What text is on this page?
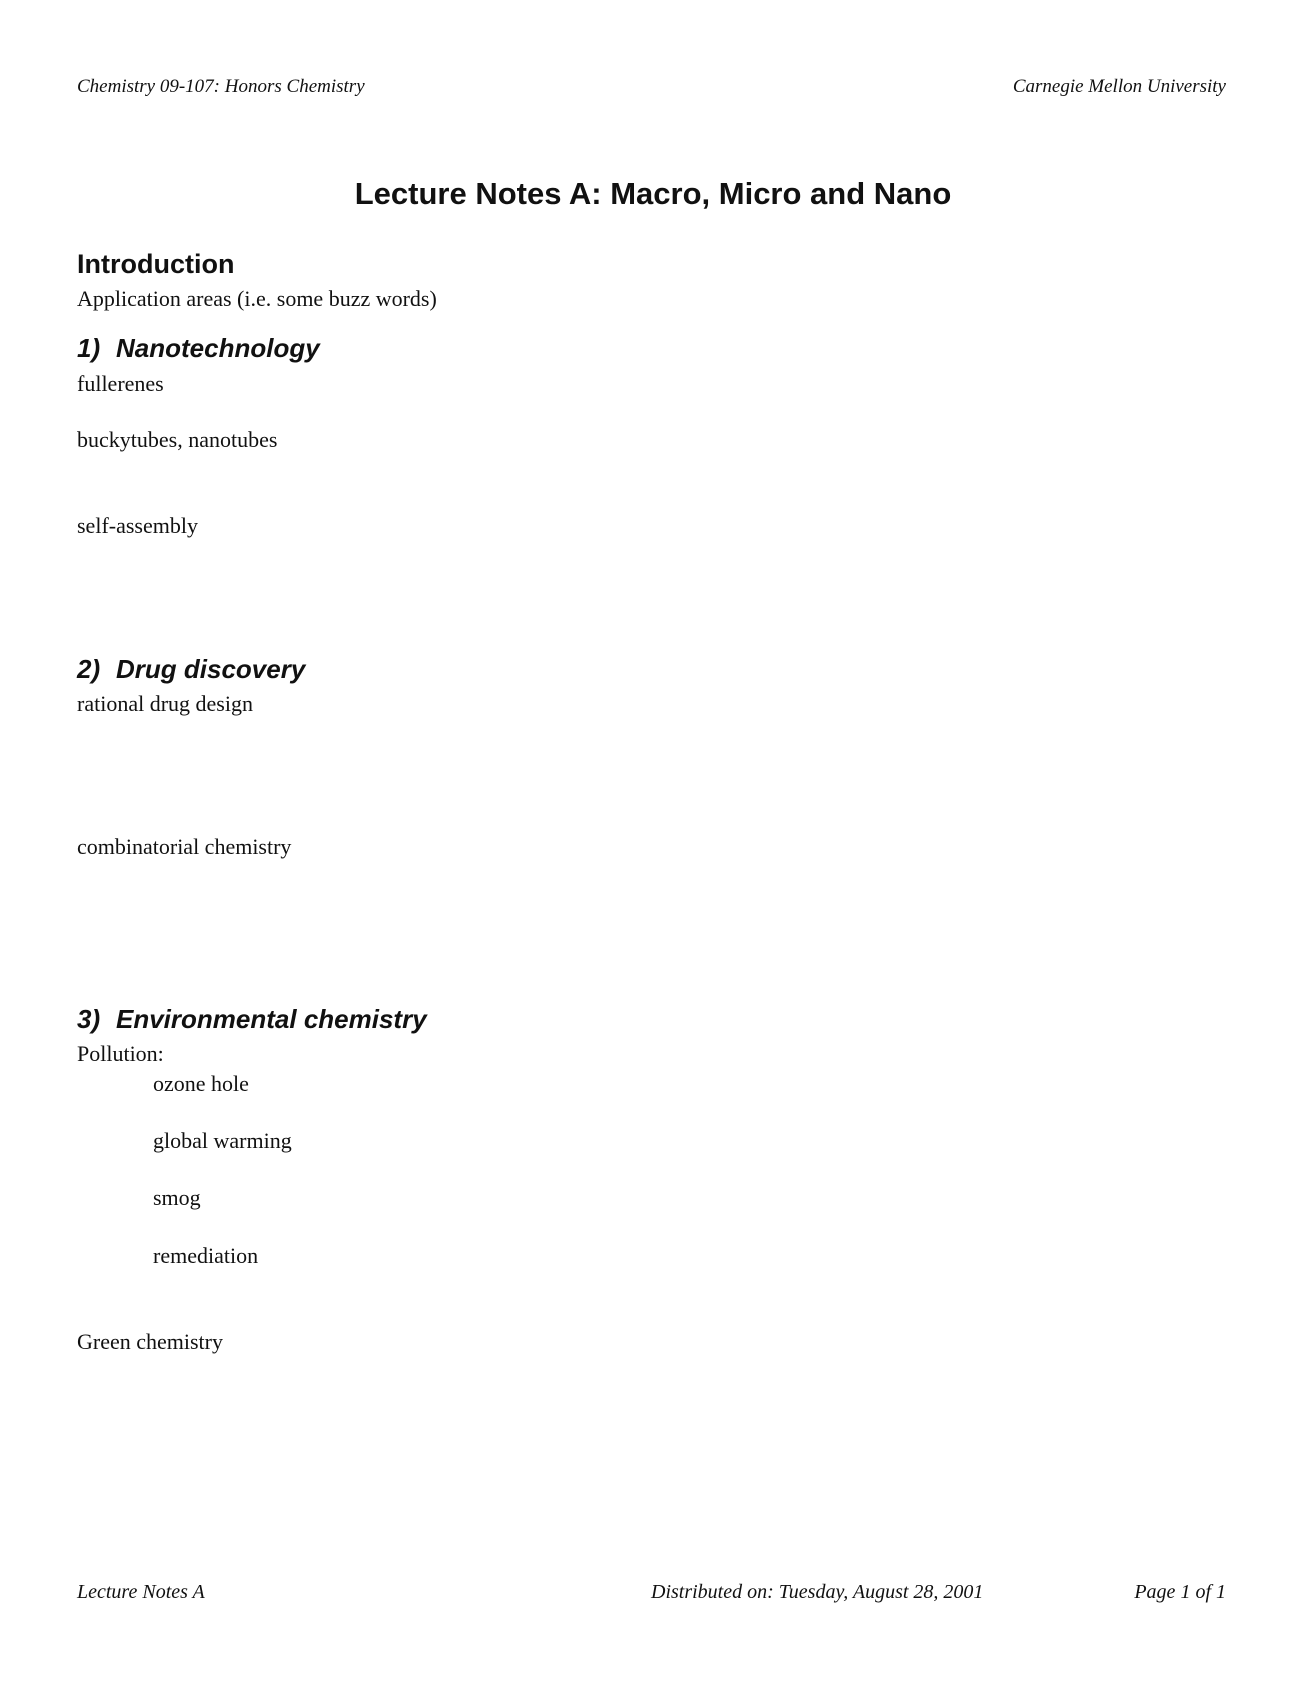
Chemistry 09-107: Honors Chemistry	Carnegie Mellon University
Lecture Notes A: Macro, Micro and Nano
Introduction
Application areas (i.e. some buzz words)
1) Nanotechnology
fullerenes
buckytubes, nanotubes
self-assembly
2) Drug discovery
rational drug design
combinatorial chemistry
3) Environmental chemistry
Pollution:
ozone hole
global warming
smog
remediation
Green chemistry
Lecture Notes A	Distributed on: Tuesday, August 28, 2001	Page 1 of 1
